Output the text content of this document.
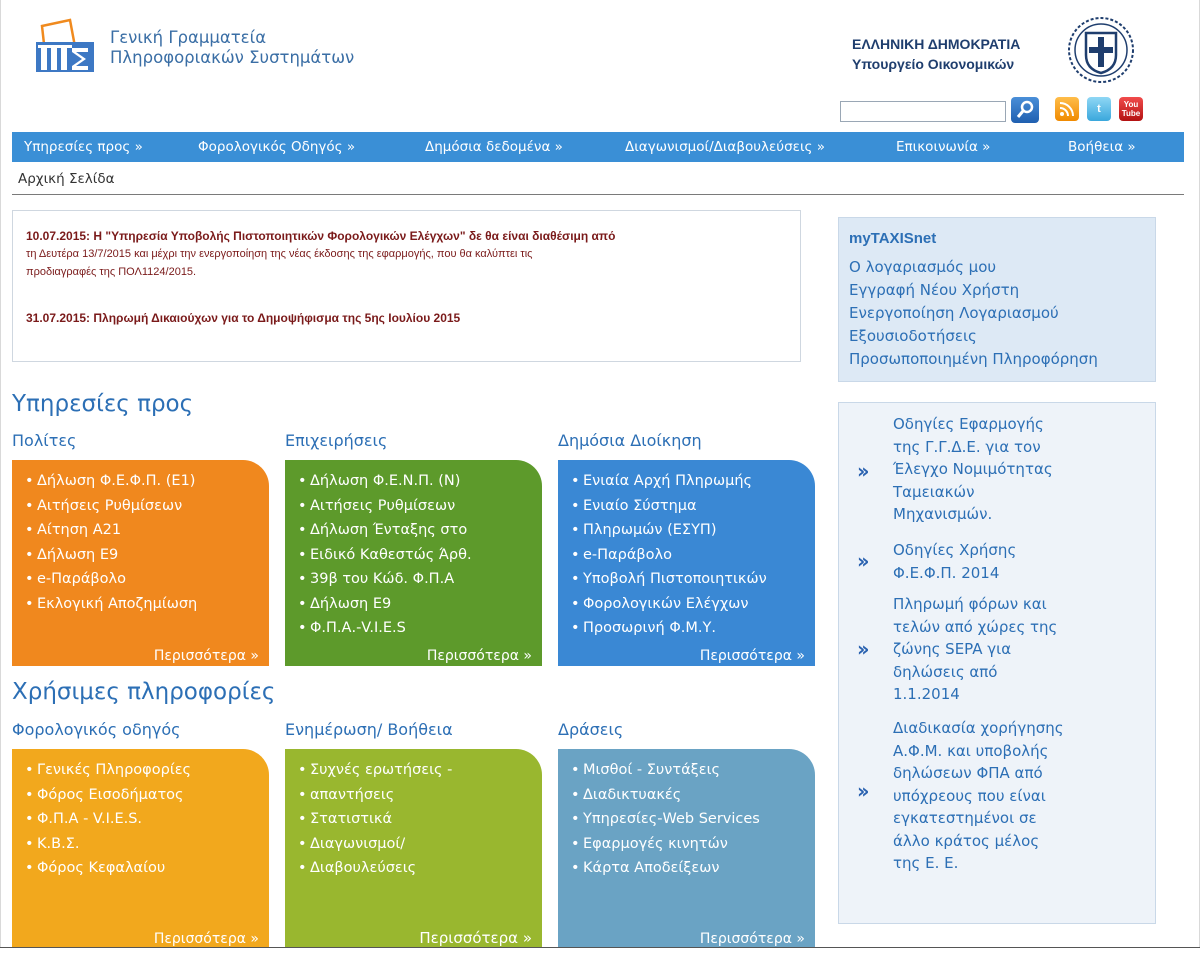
Γενική Γραμματεία
Πληροφοριακών Συστημάτων
ΕΛΛΗΝΙΚΗ ΔΗΜΟΚΡΑΤΙΑ
Υπουργείο Οικονομικών
t	You Tube
Υπηρεσίες προς »	Φορολογικός Οδηγός »	Δημόσια δεδομένα »	Διαγωνισμοί/Διαβουλεύσεις »	Επικοινωνία »	Βοήθεια »
Αρχική Σελίδα

10.07.2015: Η "Υπηρεσία Υποβολής Πιστοποιητικών Φορολογικών Ελέγχων" δε θα είναι διαθέσιμη από

τη Δευτέρα 13/7/2015 και μέχρι την ενεργοποίηση της νέας έκδοσης της εφαρμογής, που θα καλύπτει τις

προδιαγραφές της ΠΟΛ1124/2015.

31.07.2015: Πληρωμή Δικαιούχων για το Δημοψήφισμα της 5ης Ιουλίου 2015

myTAXISnet
Ο λογαριασμός μου
Εγγραφή Νέου Χρήστη
Ενεργοποίηση Λογαριασμού
Εξουσιοδοτήσεις
Προσωποποιημένη Πληροφόρηση
››
Οδηγίες Εφαρμογής
της Γ.Γ.Δ.Ε. για τον
Έλεγχο Νομιμότητας
Ταμειακών
Μηχανισμών.
›› Οδηγίες Χρήσης
Φ.Ε.Φ.Π. 2014
››
Πληρωμή φόρων και
τελών από χώρες της
ζώνης SEPA για
δηλώσεις από
1.1.2014
››
Διαδικασία χορήγησης
Α.Φ.Μ. και υποβολής
δηλώσεων ΦΠΑ από
υπόχρεους που είναι
εγκατεστημένοι σε
άλλο κράτος μέλος
της Ε. Ε.
Υπηρεσίες προς
Πολίτες	Επιχειρήσεις	Δημόσια Διοίκηση
• Δήλωση Φ.Ε.Φ.Π. (Ε1)
• Αιτήσεις Ρυθμίσεων
• Αίτηση Α21
• Δήλωση Ε9
• e-Παράβολο
• Εκλογική Αποζημίωση
Περισσότερα »
• Δήλωση Φ.Ε.Ν.Π. (Ν)
• Αιτήσεις Ρυθμίσεων
• Δήλωση Ένταξης στο
• Ειδικό Καθεστώς Άρθ.
• 39β του Κώδ. Φ.Π.Α
• Δήλωση Ε9
• Φ.Π.Α.-V.I.E.S
Περισσότερα »
• Ενιαία Αρχή Πληρωμής
• Ενιαίο Σύστημα
• Πληρωμών (ΕΣΥΠ)
• e-Παράβολο
• Υποβολή Πιστοποιητικών
• Φορολογικών Ελέγχων
• Προσωρινή Φ.Μ.Υ.
Περισσότερα »
Χρήσιμες πληροφορίες
Φορολογικός οδηγός	Ενημέρωση/ Βοήθεια	Δράσεις
• Γενικές Πληροφορίες
• Φόρος Εισοδήματος
• Φ.Π.Α - V.I.E.S.
• Κ.Β.Σ.
• Φόρος Κεφαλαίου
Περισσότερα »
• Συχνές ερωτήσεις -
• απαντήσεις
• Στατιστικά
• Διαγωνισμοί/
• Διαβουλεύσεις
Περισσότερα »
• Μισθοί - Συντάξεις
• Διαδικτυακές
• Υπηρεσίες-Web Services
• Εφαρμογές κινητών
• Κάρτα Αποδείξεων
Περισσότερα »
